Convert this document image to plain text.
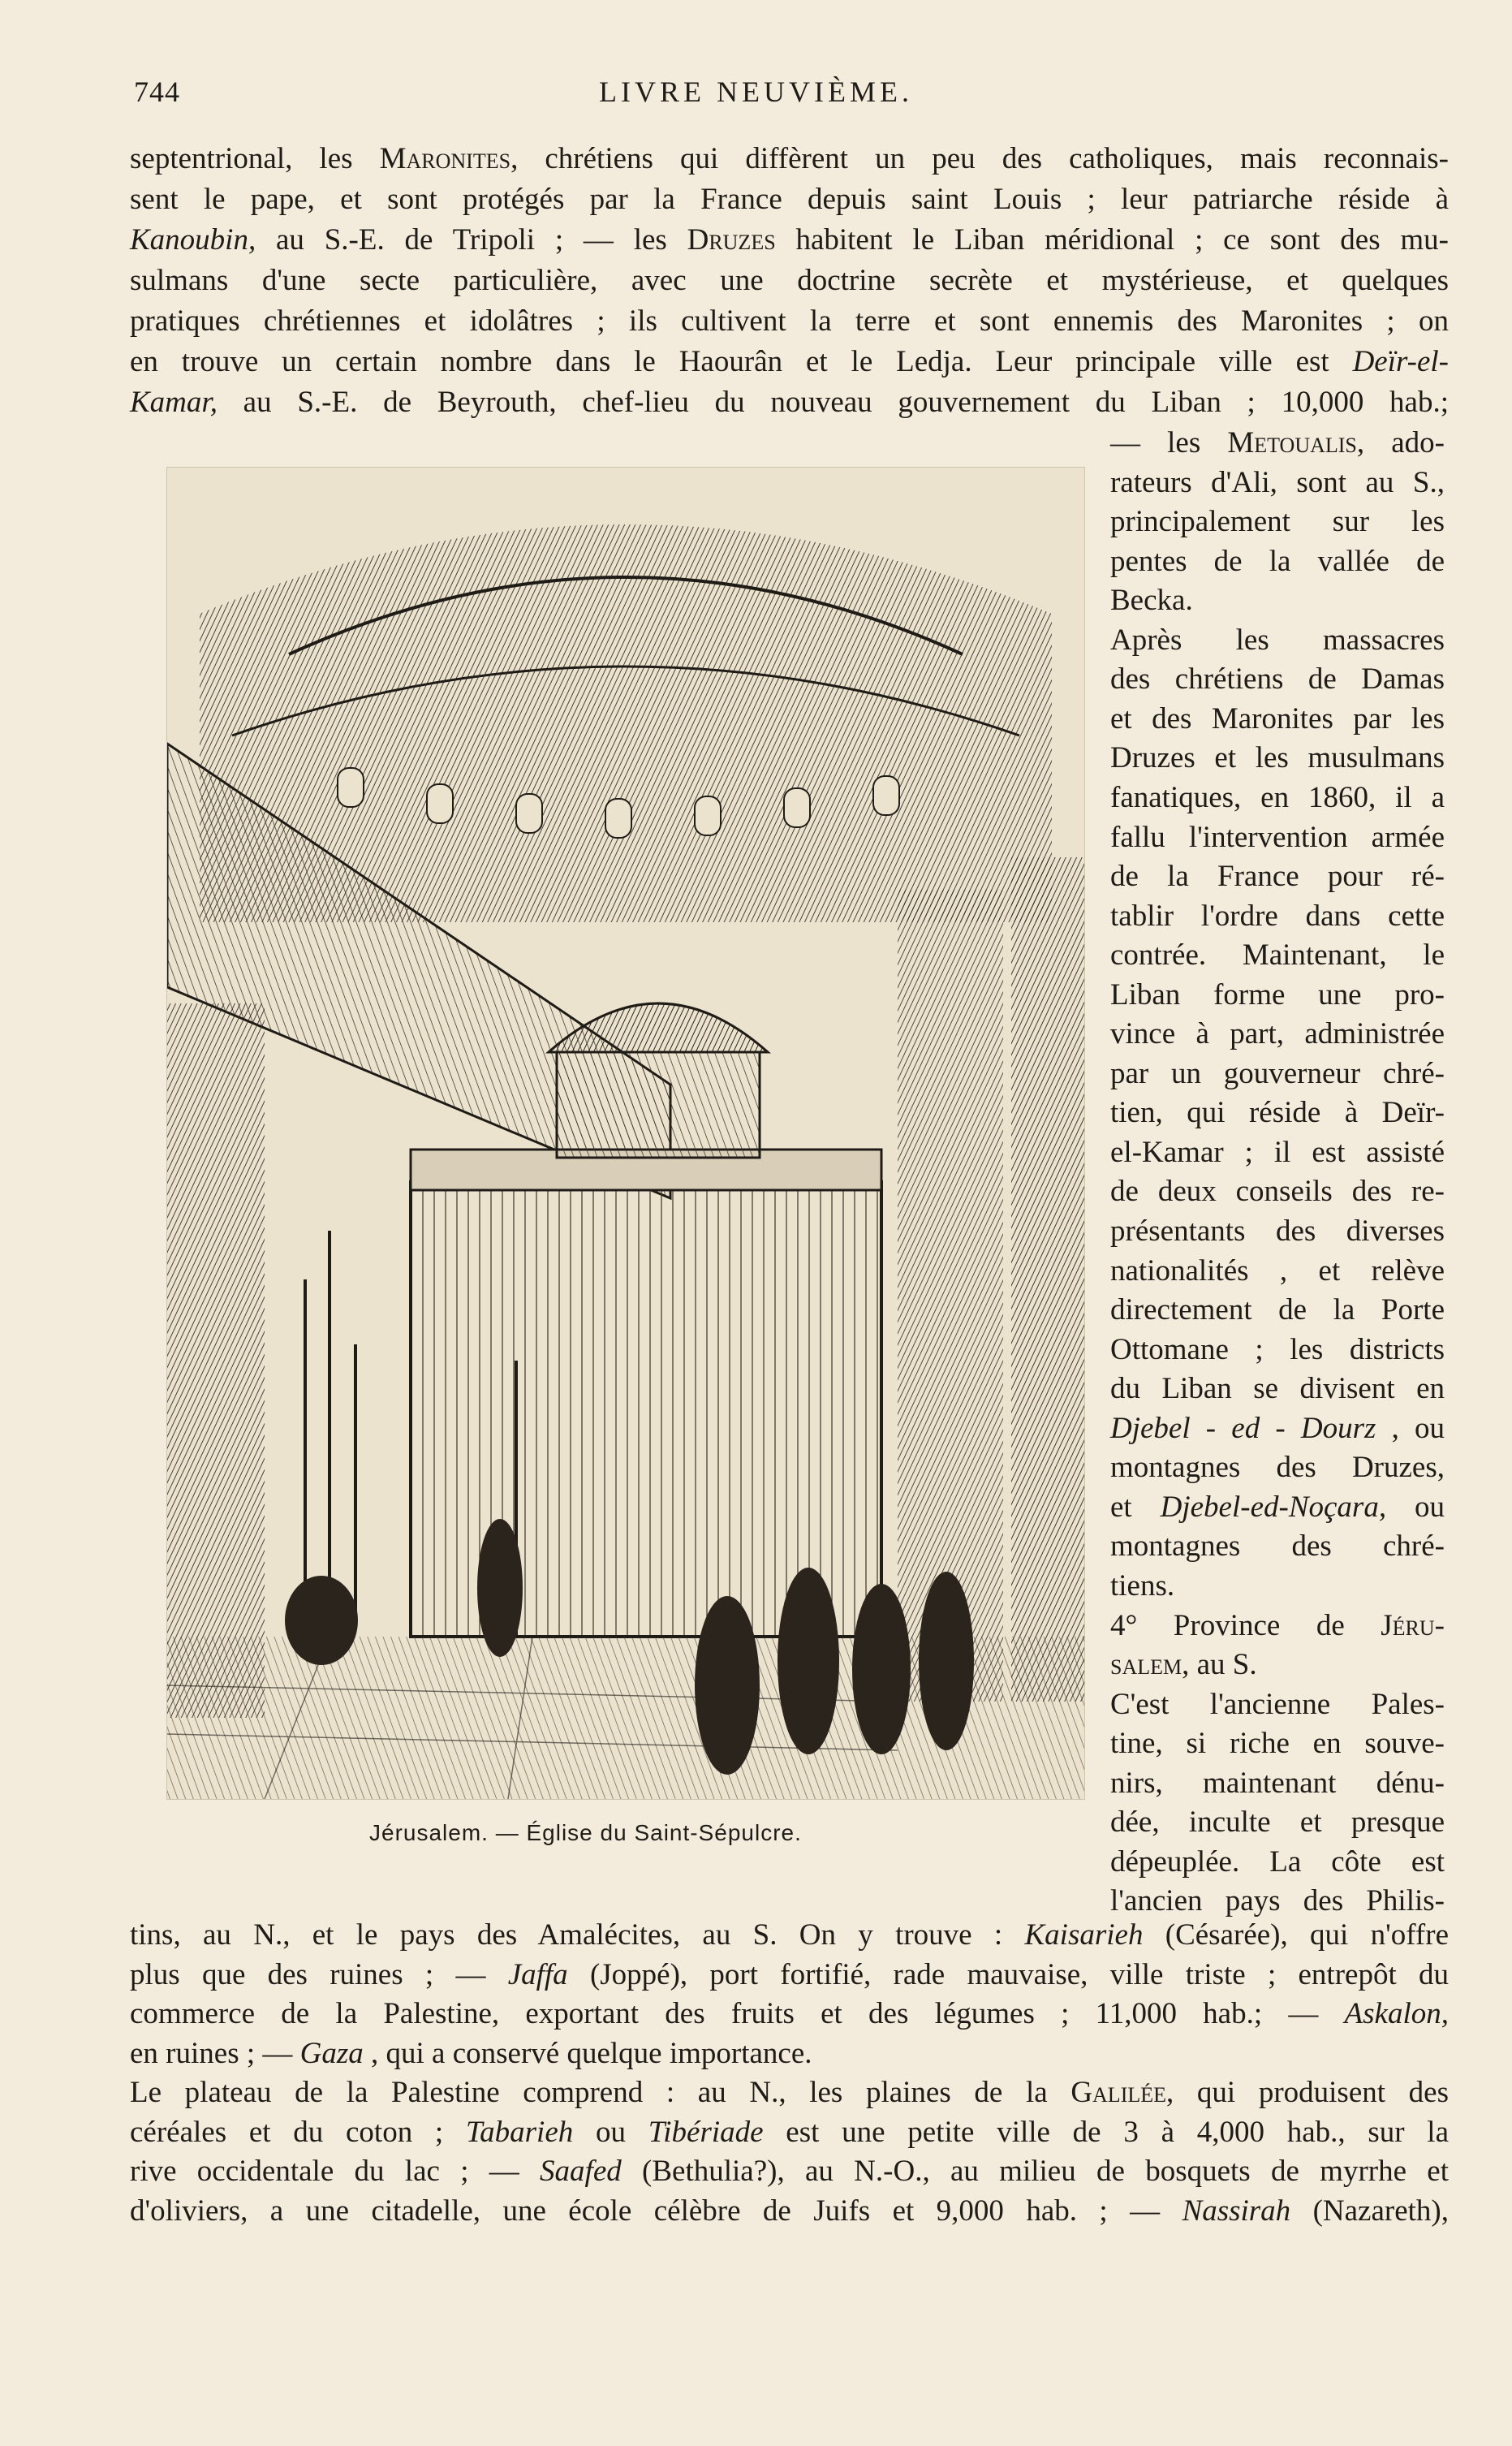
744	LIVRE NEUVIÈME.
septentrional, les Maronites, chrétiens qui diffèrent un peu des catholiques, mais reconnais-
sent le pape, et sont protégés par la France depuis saint Louis ; leur patriarche réside à
Kanoubin, au S.-E. de Tripoli ; — les Druzes habitent le Liban méridional ; ce sont des mu-
sulmans d'une secte particulière, avec une doctrine secrète et mystérieuse, et quelques
pratiques chrétiennes et idolâtres ; ils cultivent la terre et sont ennemis des Maronites ; on
en trouve un certain nombre dans le Haourân et le Ledja. Leur principale ville est Deïr-el-
Kamar, au S.-E. de Beyrouth, chef-lieu du nouveau gouvernement du Liban ; 10,000 hab.;
— les Metoualis, ado-
rateurs d'Ali, sont au S.,
principalement sur les
pentes de la vallée de
Becka.
Après les massacres
des chrétiens de Damas
et des Maronites par les
Druzes et les musulmans
fanatiques, en 1860, il a
fallu l'intervention armée
de la France pour ré-
tablir l'ordre dans cette
contrée. Maintenant, le
Liban forme une pro-
vince à part, administrée
par un gouverneur chré-
tien, qui réside à Deïr-
el-Kamar ; il est assisté
de deux conseils des re-
présentants des diverses
nationalités , et relève
directement de la Porte
Ottomane ; les districts
du Liban se divisent en
Djebel - ed - Dourz , ou
montagnes des Druzes,
et Djebel-ed-Noçara, ou
montagnes des chré-
tiens.
4° Province de Jéru-
salem, au S.
C'est l'ancienne Pales-
tine, si riche en souve-
nirs, maintenant dénu-
dée, inculte et presque
dépeuplée. La côte est
l'ancien pays des Philis-
tins, au N., et le pays des Amalécites, au S. On y trouve : Kaisarieh (Césarée), qui n'offre
plus que des ruines ; — Jaffa (Joppé), port fortifié, rade mauvaise, ville triste ; entrepôt du
commerce de la Palestine, exportant des fruits et des légumes ; 11,000 hab.; — Askalon,
en ruines ; — Gaza , qui a conservé quelque importance.
Le plateau de la Palestine comprend : au N., les plaines de la Galilée, qui produisent des
céréales et du coton ; Tabarieh ou Tibériade est une petite ville de 3 à 4,000 hab., sur la
rive occidentale du lac ; — Saafed (Bethulia?), au N.-O., au milieu de bosquets de myrrhe et
d'oliviers, a une citadelle, une école célèbre de Juifs et 9,000 hab. ; — Nassirah (Nazareth),
Jérusalem. — Église du Saint-Sépulcre.
